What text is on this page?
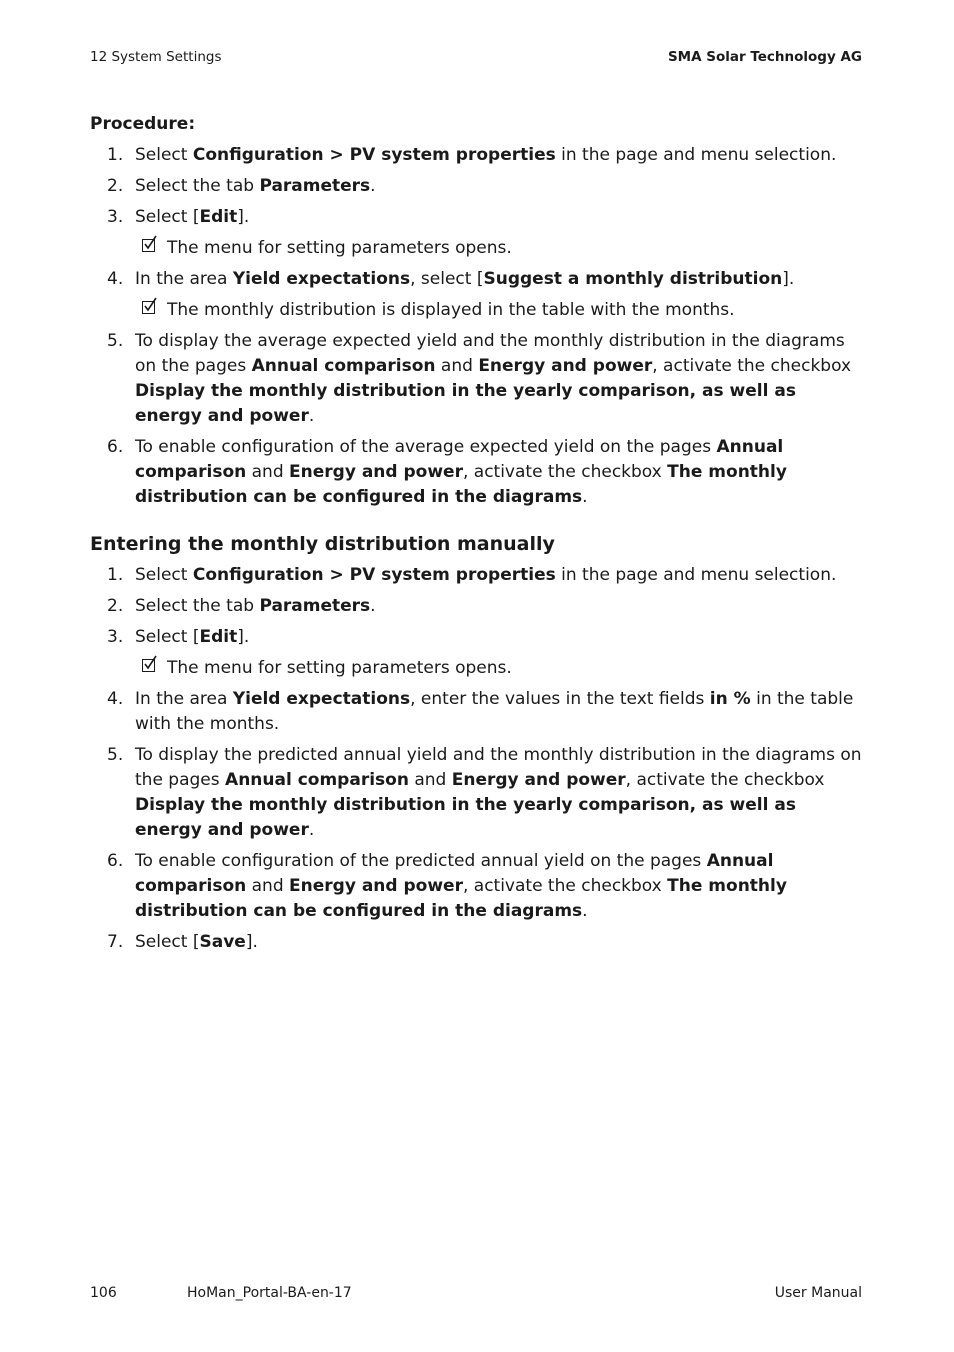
12 System Settings	SMA Solar Technology AG
Procedure:
1. Select Configuration > PV system properties in the page and menu selection.
2. Select the tab Parameters.
3. Select [Edit].
The menu for setting parameters opens.
4. In the area Yield expectations, select [Suggest a monthly distribution].
The monthly distribution is displayed in the table with the months.
5. To display the average expected yield and the monthly distribution in the diagrams on the pages Annual comparison and Energy and power, activate the checkbox Display the monthly distribution in the yearly comparison, as well as energy and power.
6. To enable configuration of the average expected yield on the pages Annual comparison and Energy and power, activate the checkbox The monthly distribution can be configured in the diagrams.
Entering the monthly distribution manually
1. Select Configuration > PV system properties in the page and menu selection.
2. Select the tab Parameters.
3. Select [Edit].
The menu for setting parameters opens.
4. In the area Yield expectations, enter the values in the text fields in % in the table with the months.
5. To display the predicted annual yield and the monthly distribution in the diagrams on the pages Annual comparison and Energy and power, activate the checkbox Display the monthly distribution in the yearly comparison, as well as energy and power.
6. To enable configuration of the predicted annual yield on the pages Annual comparison and Energy and power, activate the checkbox The monthly distribution can be configured in the diagrams.
7. Select [Save].
106	HoMan_Portal-BA-en-17	User Manual
